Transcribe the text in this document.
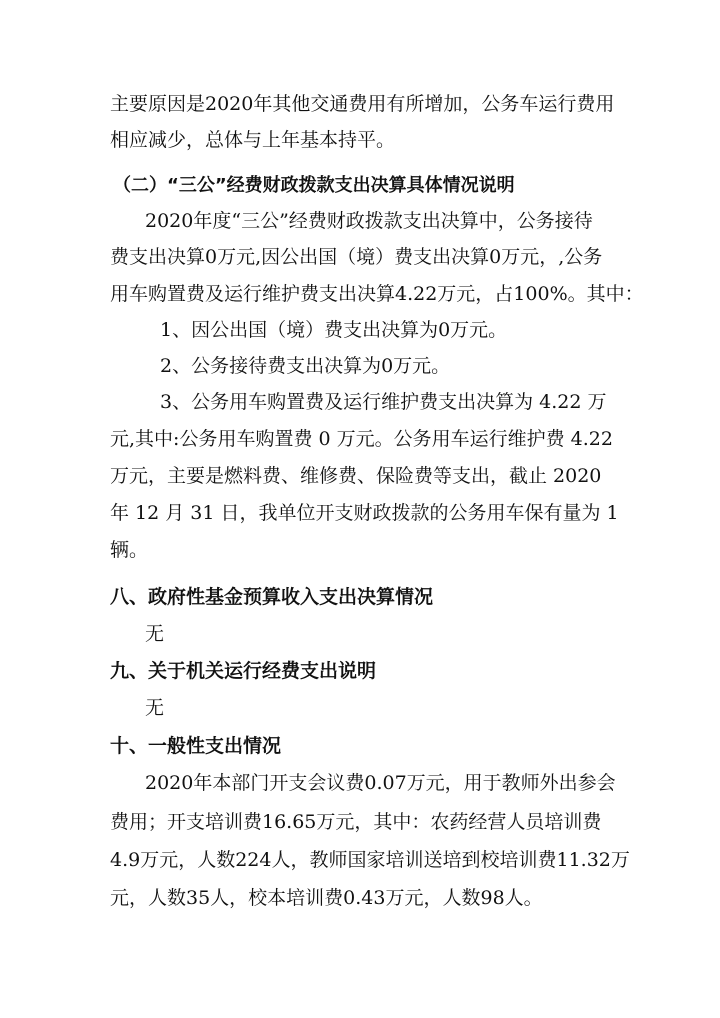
主要原因是2020年其他交通费用有所增加，公务车运行费用
相应减少，总体与上年基本持平。
（二）“三公”经费财政拨款支出决算具体情况说明
2020年度“三公”经费财政拨款支出决算中，公务接待
费支出决算0万元,因公出国（境）费支出决算0万元，,公务
用车购置费及运行维护费支出决算4.22万元，占100%。其中：
1、因公出国（境）费支出决算为0万元。
2、公务接待费支出决算为0万元。
3、公务用车购置费及运行维护费支出决算为 4.22 万
元,其中:公务用车购置费 0 万元。公务用车运行维护费 4.22
万元，主要是燃料费、维修费、保险费等支出，截止 2020
年 12 月 31 日，我单位开支财政拨款的公务用车保有量为 1
辆。
八、政府性基金预算收入支出决算情况
无
九、关于机关运行经费支出说明
无
十、一般性支出情况
2020年本部门开支会议费0.07万元，用于教师外出参会
费用；开支培训费16.65万元，其中：农药经营人员培训费
4.9万元，人数224人，教师国家培训送培到校培训费11.32万
元，人数35人，校本培训费0.43万元，人数98人。
